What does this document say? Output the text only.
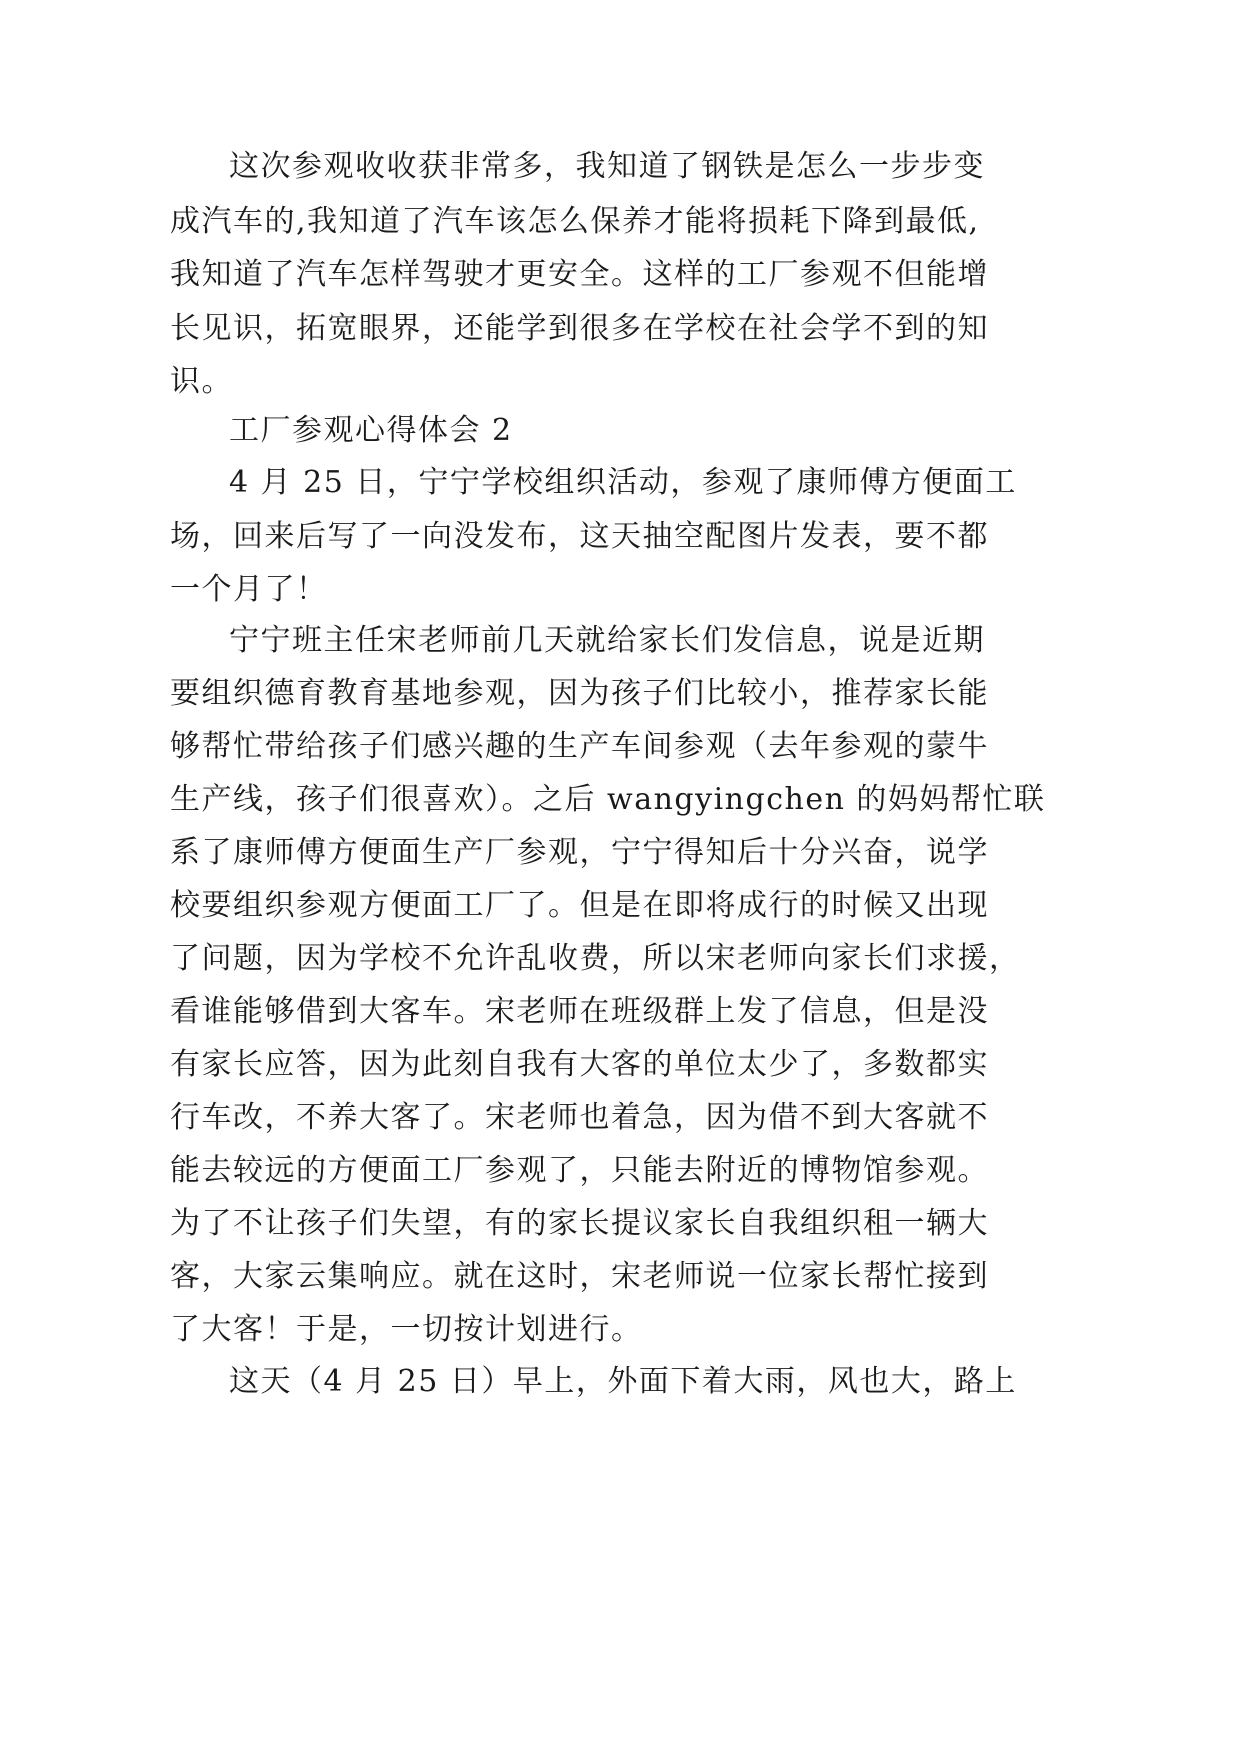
这次参观收收获非常多，我知道了钢铁是怎么一步步变
成汽车的,我知道了汽车该怎么保养才能将损耗下降到最低,
我知道了汽车怎样驾驶才更安全。这样的工厂参观不但能增
长见识，拓宽眼界，还能学到很多在学校在社会学不到的知
识。
工厂参观心得体会 2
4 月 25 日，宁宁学校组织活动，参观了康师傅方便面工
场，回来后写了一向没发布，这天抽空配图片发表，要不都
一个月了！
宁宁班主任宋老师前几天就给家长们发信息，说是近期
要组织德育教育基地参观，因为孩子们比较小，推荐家长能
够帮忙带给孩子们感兴趣的生产车间参观（去年参观的蒙牛
生产线，孩子们很喜欢）。之后 wangyingchen 的妈妈帮忙联
系了康师傅方便面生产厂参观，宁宁得知后十分兴奋，说学
校要组织参观方便面工厂了。但是在即将成行的时候又出现
了问题，因为学校不允许乱收费，所以宋老师向家长们求援，
看谁能够借到大客车。宋老师在班级群上发了信息，但是没
有家长应答，因为此刻自我有大客的单位太少了，多数都实
行车改，不养大客了。宋老师也着急，因为借不到大客就不
能去较远的方便面工厂参观了，只能去附近的博物馆参观。
为了不让孩子们失望，有的家长提议家长自我组织租一辆大
客，大家云集响应。就在这时，宋老师说一位家长帮忙接到
了大客！于是，一切按计划进行。
这天（4 月 25 日）早上，外面下着大雨，风也大，路上
